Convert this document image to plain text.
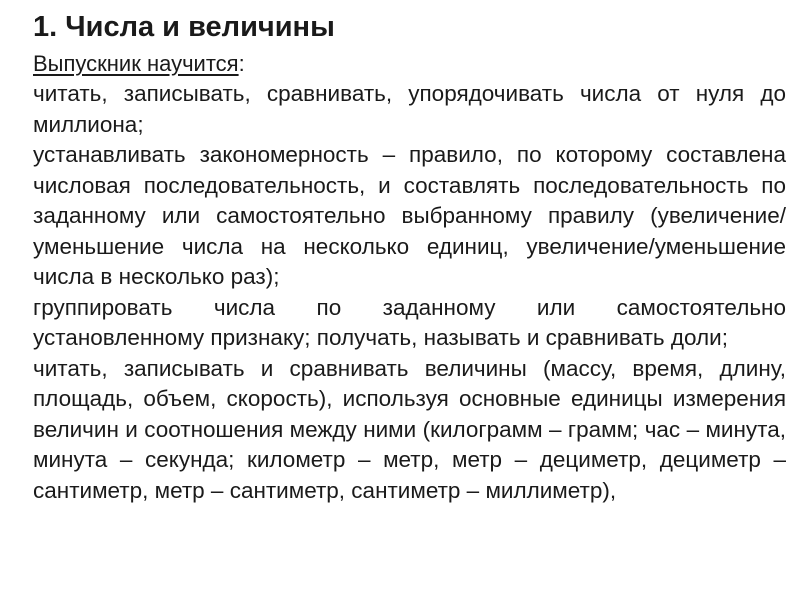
1. Числа и величины

Выпускник научится:

читать, записывать, сравнивать, упорядочивать числа от нуля до миллиона;

устанавливать закономерность – правило, по которому составлена числовая последовательность, и составлять последовательность по заданному или самостоятельно выбранному правилу (увеличение/уменьшение числа на несколько единиц, увеличение/уменьшение числа в несколько раз);

группировать числа по заданному или самостоятельно установленному признаку; получать, называть и сравнивать доли;

читать, записывать и сравнивать величины (массу, время, длину, площадь, объем, скорость), используя основные единицы измерения величин и соотношения между ними (килограмм – грамм; час – минута, минута – секунда; километр – метр, метр – дециметр, дециметр – сантиметр, метр – сантиметр, сантиметр – миллиметр),
